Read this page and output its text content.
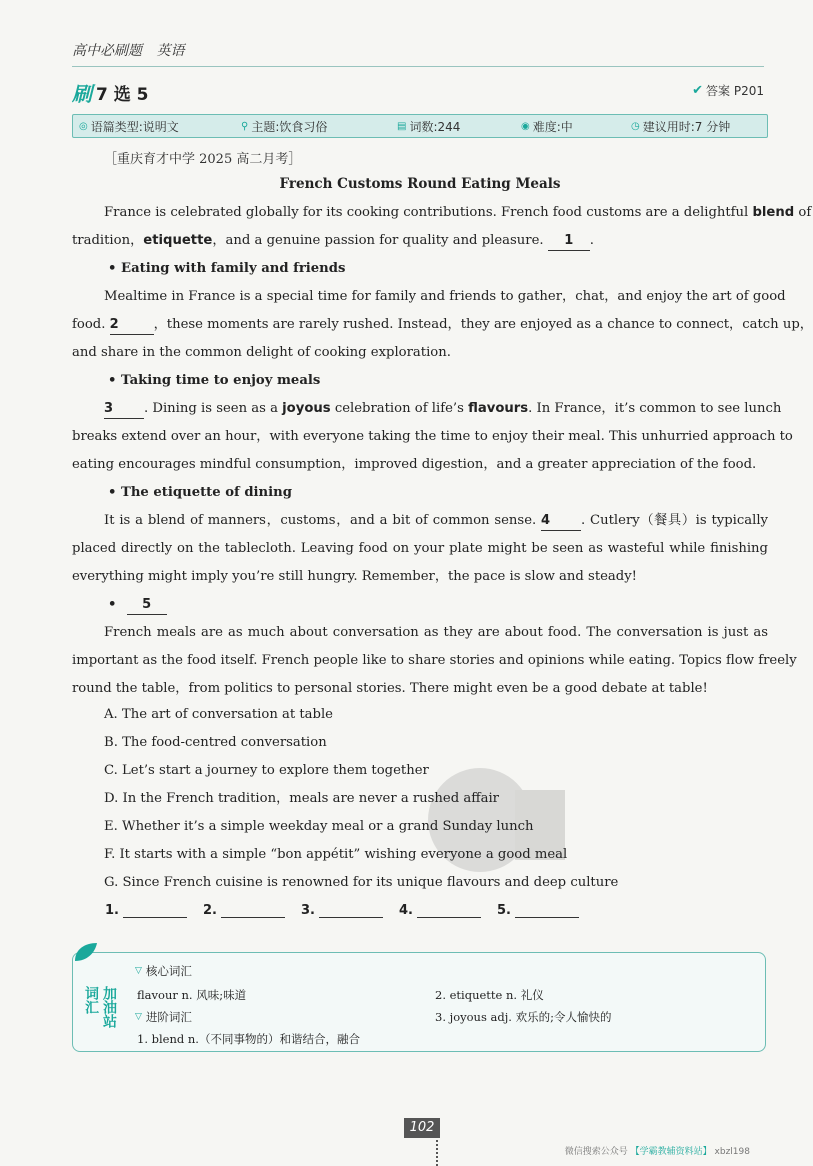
高中必刷题 英语
刷 7 选 5	✔ 答案 P201
◎ 语篇类型:说明文	⚲ 主题:饮食习俗	▤ 词数:244	◉ 难度:中	◷ 建议用时:7 分钟
［重庆育才中学 2025 高二月考］
French Customs Round Eating Meals
France is celebrated globally for its cooking contributions. French food customs are a delightful blend of
tradition，etiquette，and a genuine passion for quality and pleasure. 1 .
• Eating with family and friends
Mealtime in France is a special time for family and friends to gather，chat，and enjoy the art of good
food. 2	，these moments are rarely rushed. Instead，they are enjoyed as a chance to connect，catch up，
and share in the common delight of cooking exploration.
• Taking time to enjoy meals
3 . Dining is seen as a joyous celebration of life’s flavours. In France，it’s common to see lunch
breaks extend over an hour，with everyone taking the time to enjoy their meal. This unhurried approach to
eating encourages mindful consumption，improved digestion，and a greater appreciation of the food.
• The etiquette of dining
It is a blend of manners，customs，and a bit of common sense. 4 . Cutlery（餐具）is typically
placed directly on the tablecloth. Leaving food on your plate might be seen as wasteful while finishing
everything might imply you’re still hungry. Remember，the pace is slow and steady!
• 5
French meals are as much about conversation as they are about food. The conversation is just as
important as the food itself. French people like to share stories and opinions while eating. Topics flow freely
round the table，from politics to personal stories. There might even be a good debate at table!
A. The art of conversation at table
B. The food-centred conversation
C. Let’s start a journey to explore them together
D. In the French tradition，meals are never a rushed affair
E. Whether it’s a simple weekday meal or a grand Sunday lunch
F. It starts with a simple “bon appétit” wishing everyone a good meal
G. Since French cuisine is renowned for its unique flavours and deep culture
1.	2.	3.	4.	5.
词汇 加油站
▽ 核心词汇
flavour n. 风味;味道	2. etiquette n. 礼仪
▽ 进阶词汇	3. joyous adj. 欢乐的;令人愉快的
1. blend n.（不同事物的）和谐结合，融合
102
微信搜索公众号 【学霸教辅资料站】 xbzl198
